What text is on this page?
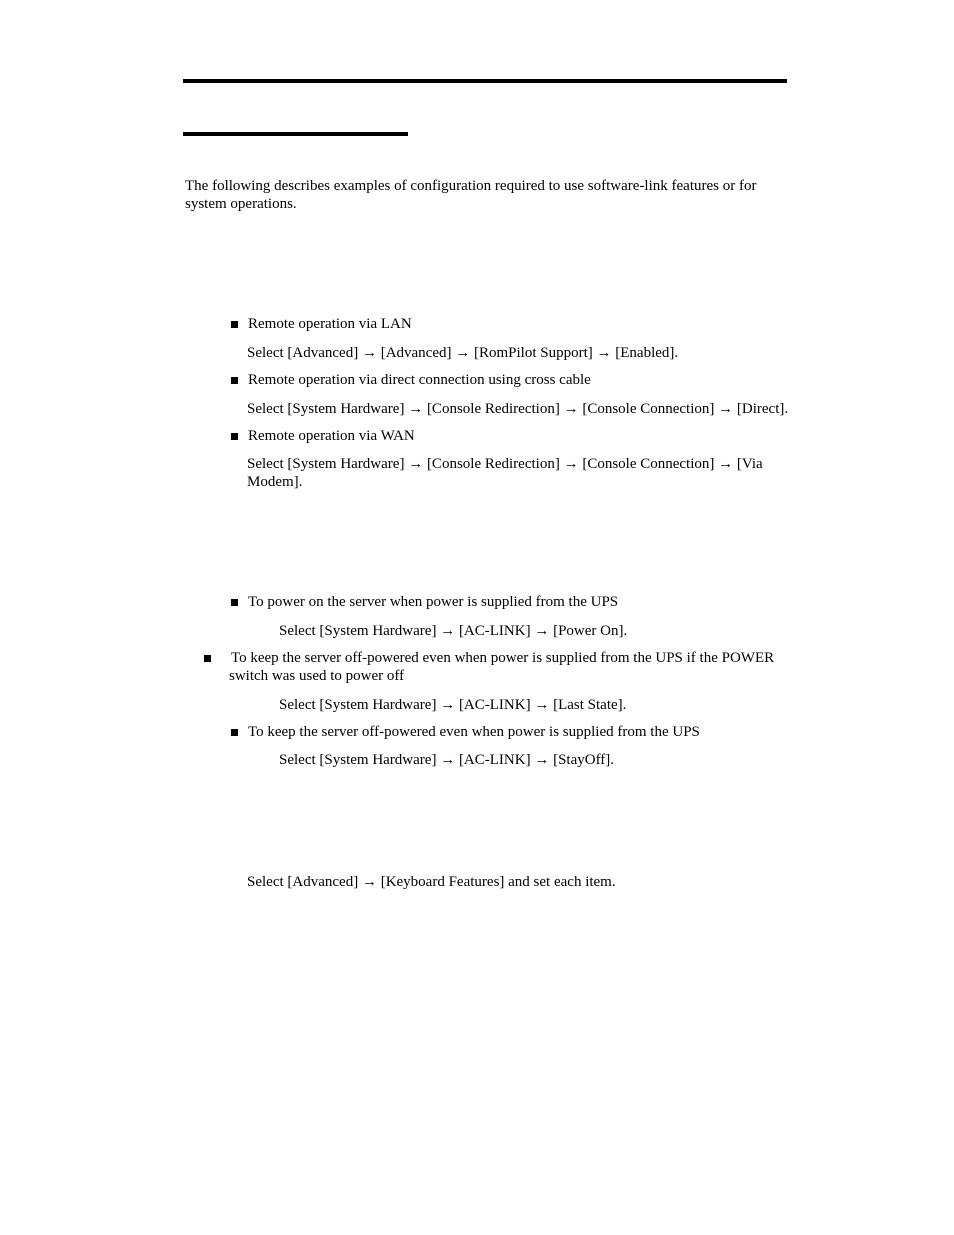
The following describes examples of configuration required to use software-link features or for system operations.

Remote operation via LAN

Select [Advanced] → [Advanced] → [RomPilot Support] → [Enabled].

Remote operation via direct connection using cross cable

Select [System Hardware] → [Console Redirection] → [Console Connection] → [Direct].

Remote operation via WAN

Select [System Hardware] → [Console Redirection] → [Console Connection] → [Via Modem].

To power on the server when power is supplied from the UPS

Select [System Hardware] → [AC-LINK] → [Power On].

To keep the server off-powered even when power is supplied from the UPS if the POWER switch was used to power off

Select [System Hardware] → [AC-LINK] → [Last State].

To keep the server off-powered even when power is supplied from the UPS

Select [System Hardware] → [AC-LINK] → [StayOff].

Select [Advanced] → [Keyboard Features] and set each item.
